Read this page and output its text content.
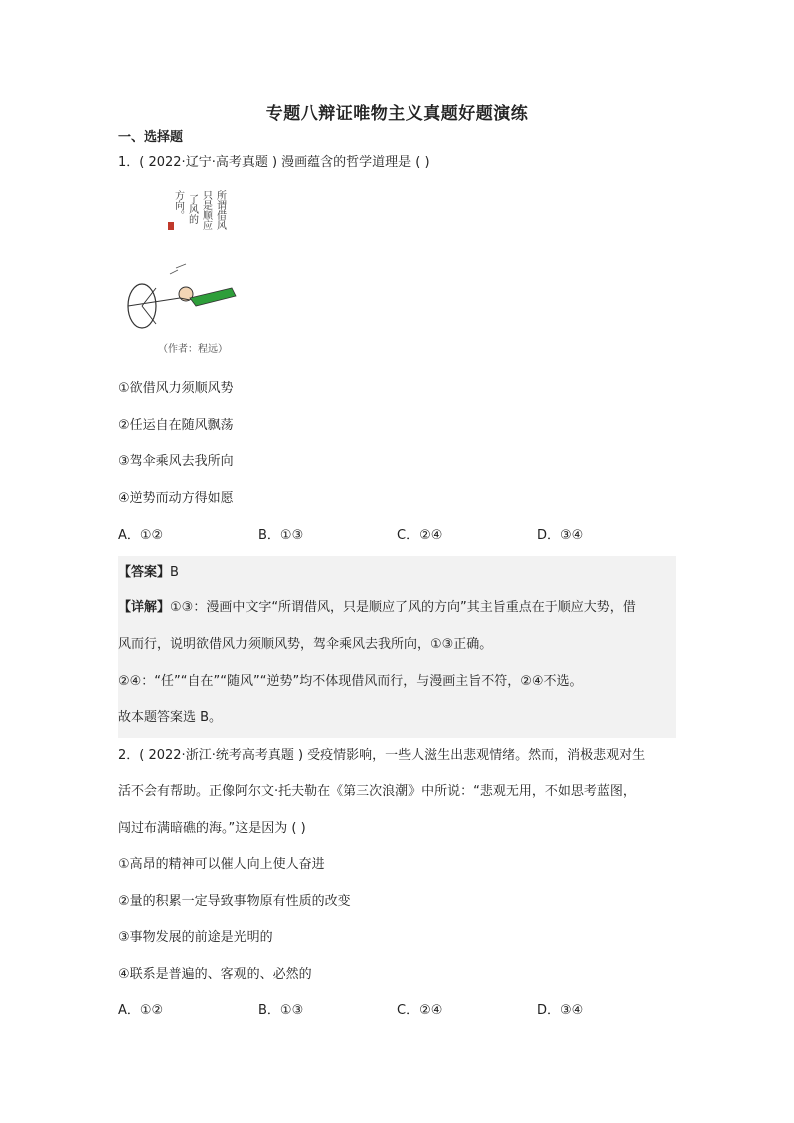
专题八辩证唯物主义真题好题演练
一、选择题
1．( 2022·辽宁·高考真题 ) 漫画蕴含的哲学道理是 ( )
所谓借风
只是顺应
了风的
方向。
（作者：程远）
①欲借风力须顺风势
②任运自在随风飘荡
③驾伞乘风去我所向
④逆势而动方得如愿
A．①②	B．①③	C．②④	D．③④
【答案】B
【详解】①③：漫画中文字“所谓借风，只是顺应了风的方向”其主旨重点在于顺应大势，借
风而行，说明欲借风力须顺风势，驾伞乘风去我所向，①③正确。
②④：“任”“自在”“随风”“逆势”均不体现借风而行，与漫画主旨不符，②④不选。
故本题答案选 B。
2．( 2022·浙江·统考高考真题 ) 受疫情影响，一些人滋生出悲观情绪。然而，消极悲观对生
活不会有帮助。正像阿尔文·托夫勒在《第三次浪潮》中所说：“悲观无用，不如思考蓝图，
闯过布满暗礁的海。”这是因为 ( )
①高昂的精神可以催人向上使人奋进
②量的积累一定导致事物原有性质的改变
③事物发展的前途是光明的
④联系是普遍的、客观的、必然的
A．①②	B．①③	C．②④	D．③④
